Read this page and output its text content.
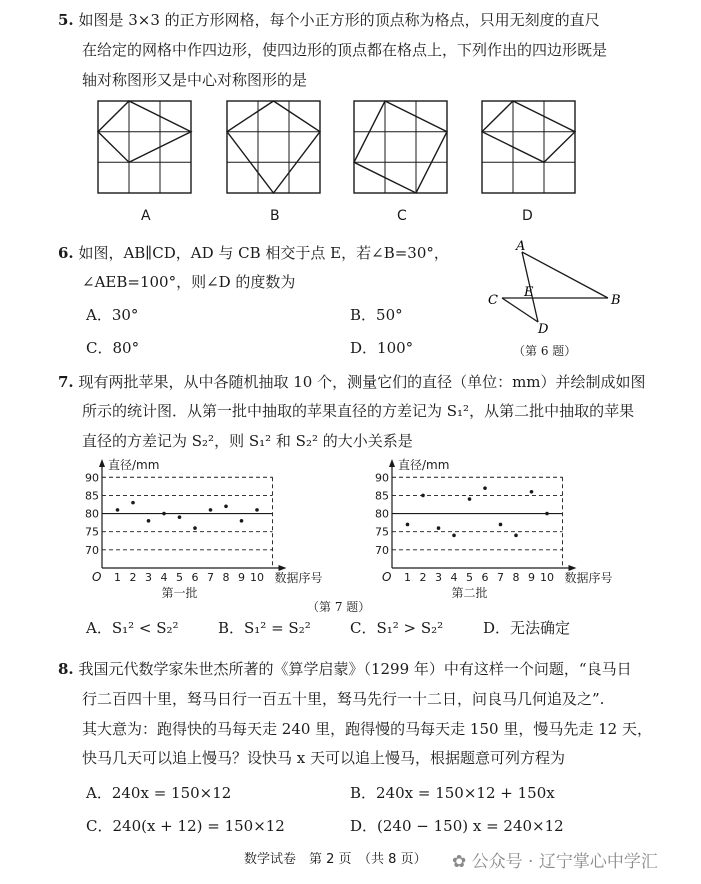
5. 如图是 3×3 的正方形网格，每个小正方形的顶点称为格点，只用无刻度的直尺
在给定的网格中作四边形，使四边形的顶点都在格点上，下列作出的四边形既是
轴对称图形又是中心对称图形的是
A	B	C	D
6. 如图，AB∥CD，AD 与 CB 相交于点 E，若∠B=30°，
∠AEB=100°，则∠D 的度数为
A．30°	B．50°
C．80°	D．100°
A
B
C
D
E
（第 6 题）
7. 现有两批苹果，从中各随机抽取 10 个，测量它们的直径（单位：mm）并绘制成如图
所示的统计图．从第一批中抽取的苹果直径的方差记为 S₁²，从第二批中抽取的苹果
直径的方差记为 S₂²，则 S₁² 和 S₂² 的大小关系是
70
75
80
85
90
1 2 3 4 5 6 7 8 9 10
O
直径/mm
数据序号
第一批
70
75
80
85
90
1 2 3 4 5 6 7 8 9 10
O
直径/mm
数据序号
第二批
（第 7 题）
A．S₁² < S₂²	B．S₁² = S₂²	C．S₁² > S₂²	D．无法确定
8. 我国元代数学家朱世杰所著的《算学启蒙》（1299 年）中有这样一个问题，“良马日
行二百四十里，驽马日行一百五十里，驽马先行一十二日，问良马几何追及之”.
其大意为：跑得快的马每天走 240 里，跑得慢的马每天走 150 里，慢马先走 12 天，
快马几天可以追上慢马？设快马 x 天可以追上慢马，根据题意可列方程为
A．240x = 150×12	B．240x = 150×12 + 150x
C．240(x + 12) = 150×12	D．(240 − 150) x = 240×12
数学试卷　第 2 页　（共 8 页） ✿ 公众号 · 辽宁掌心中学汇
